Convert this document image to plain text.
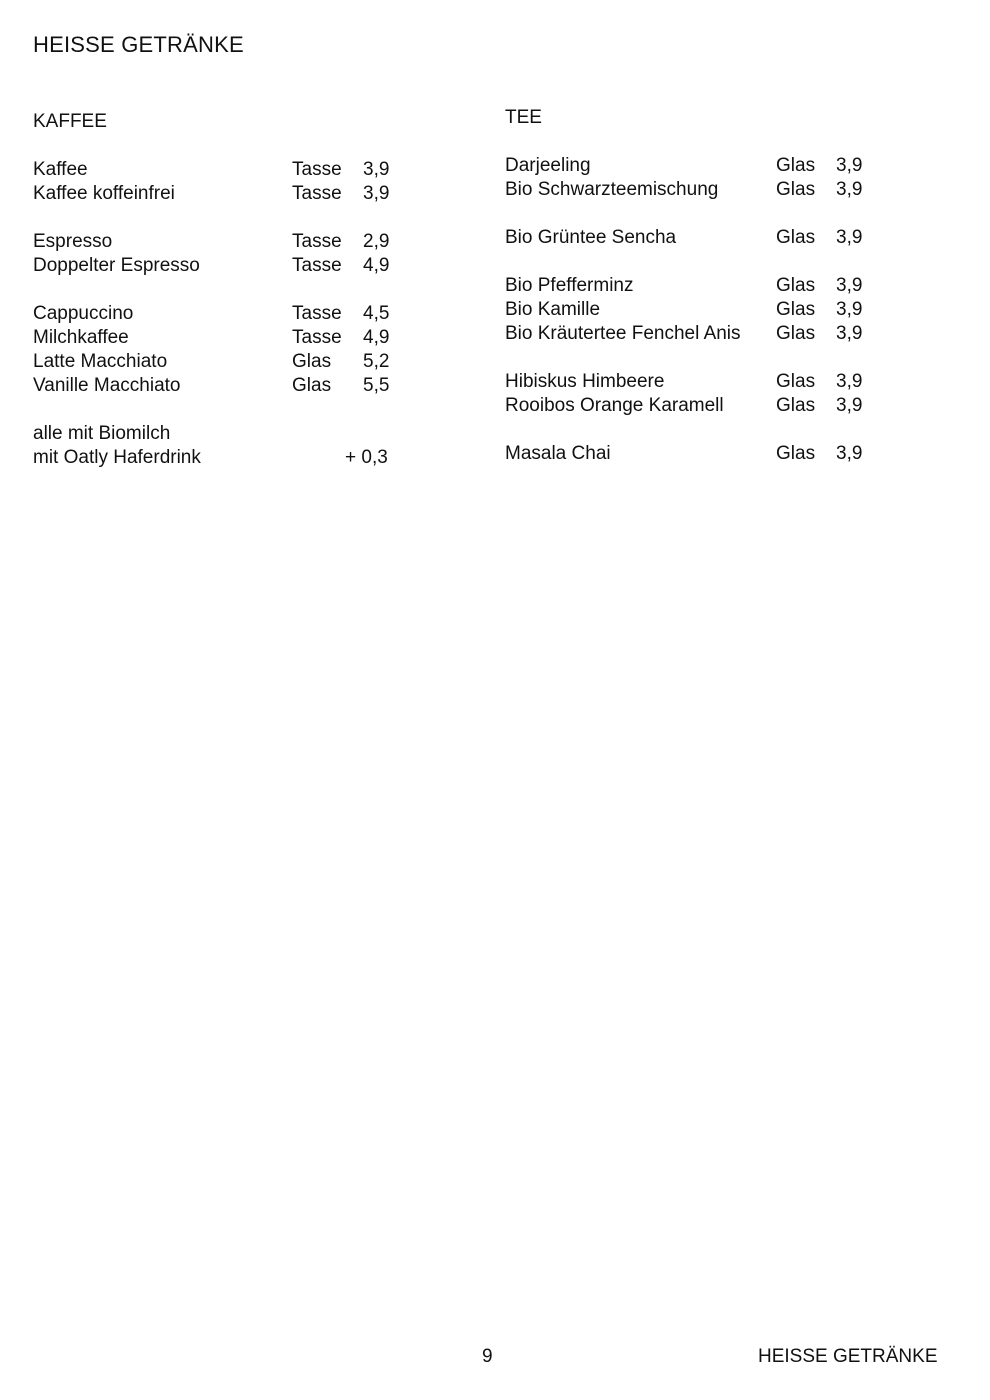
HEISSE GETRÄNKE
KAFFEE
Kaffee	Tasse 3,9
Kaffee koffeinfrei	Tasse 3,9
Espresso	Tasse 2,9
Doppelter Espresso	Tasse 4,9
Cappuccino	Tasse 4,5
Milchkaffee	Tasse 4,9
Latte Macchiato	Glas 5,2
Vanille Macchiato	Glas 5,5
alle mit Biomilch
mit Oatly Haferdrink	+ 0,3
TEE
Darjeeling	Glas 3,9
Bio Schwarzteemischung	Glas 3,9
Bio Grüntee Sencha	Glas 3,9
Bio Pfefferminz	Glas 3,9
Bio Kamille	Glas 3,9
Bio Kräutertee Fenchel Anis Glas 3,9
Hibiskus Himbeere	Glas 3,9
Rooibos Orange Karamell	Glas 3,9
Masala Chai	Glas 3,9
9	HEISSE GETRÄNKE
